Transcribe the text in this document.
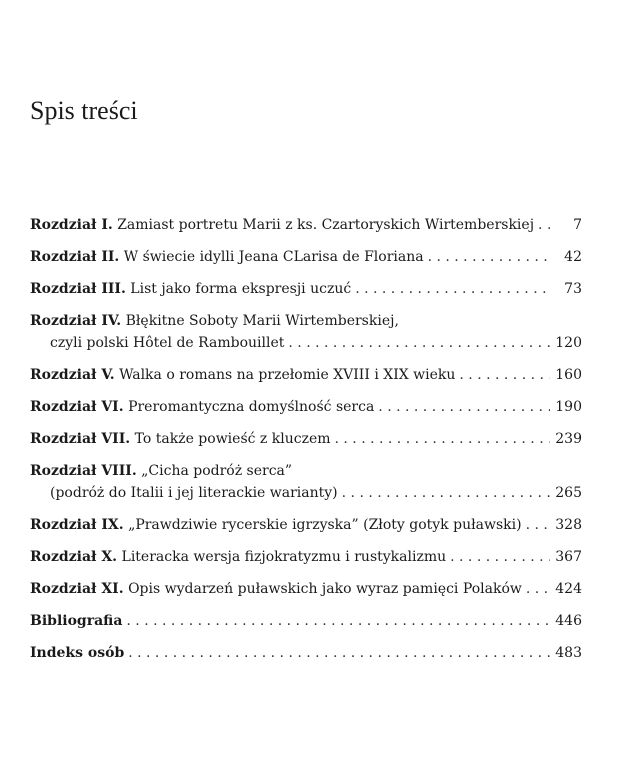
Spis treści
Rozdział I. Zamiast portretu Marii z ks. Czartoryskich Wirtemberskiej . . .	7
Rozdział II. W świecie idylli Jeana CLarisa de Floriana . . .	42
Rozdział III. List jako forma ekspresji uczuć . . .	73
Rozdział IV. Błękitne Soboty Marii Wirtemberskiej,
czyli polski Hôtel de Rambouillet . . .	120
Rozdział V. Walka o romans na przełomie XVIII i XIX wieku . . .	160
Rozdział VI. Preromantyczna domyślność serca . . .	190
Rozdział VII. To także powieść z kluczem . . .	239
Rozdział VIII. „Cicha podróż serca”
(podróż do Italii i jej literackie warianty) . . .	265
Rozdział IX. „Prawdziwie rycerskie igrzyska” (Złoty gotyk puławski) . . . 328
Rozdział X. Literacka wersja fizjokratyzmu i rustykalizmu . . .	367
Rozdział XI. Opis wydarzeń puławskich jako wyraz pamięci Polaków . . . 424
Bibliografia . . .	446
Indeks osób . . .	483
